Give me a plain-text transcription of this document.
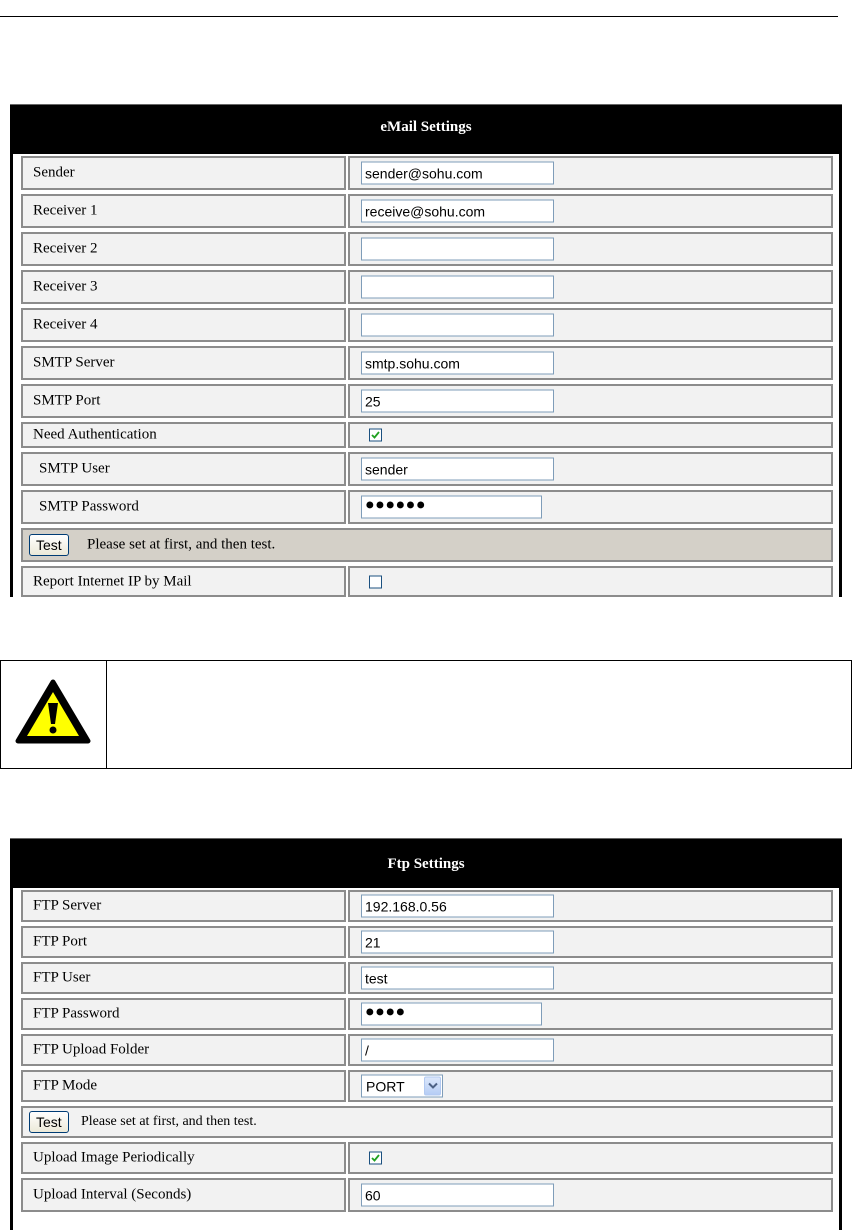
eMail Settings
Sender	sender@sohu.com
Receiver 1	receive@sohu.com
Receiver 2
Receiver 3
Receiver 4
SMTP Server	smtp.sohu.com
SMTP Port	25
Need Authentication
SMTP User	sender
SMTP Password	●●●●●●
Test	Please set at first, and then test.
Report Internet IP by Mail
Ftp Settings
FTP Server	192.168.0.56
FTP Port	21
FTP User	test
FTP Password	●●●●
FTP Upload Folder	/
FTP Mode	PORT
Test	Please set at first, and then test.
Upload Image Periodically
Upload Interval (Seconds)	60
